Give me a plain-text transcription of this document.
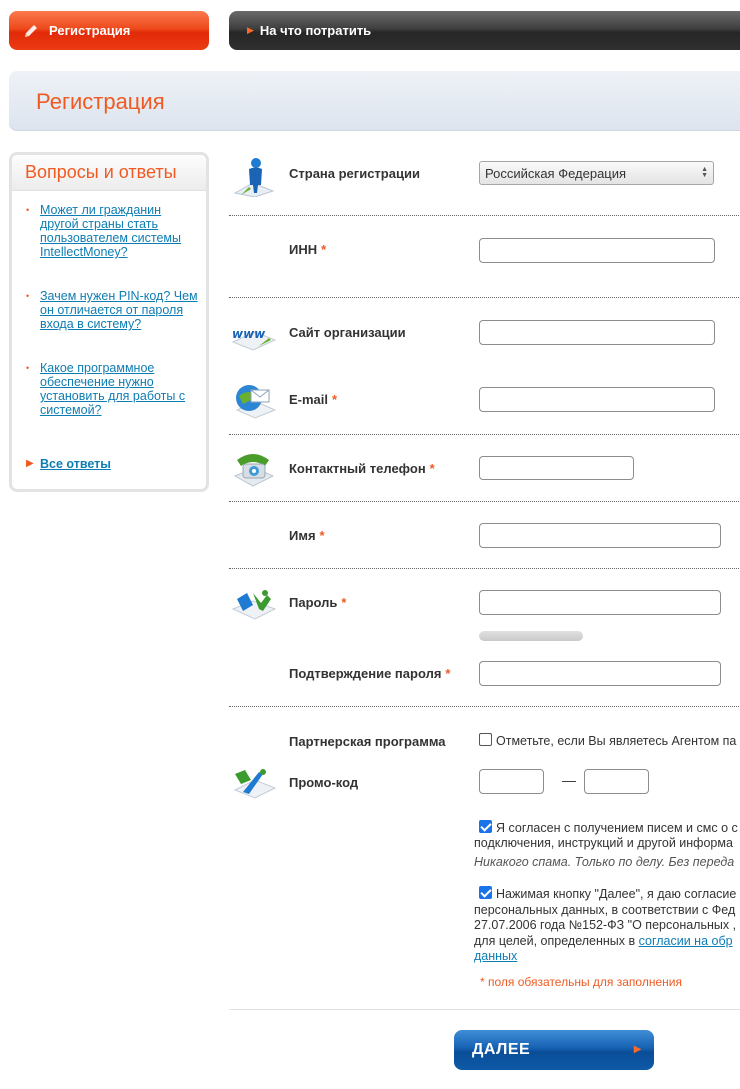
Регистрация	▶ На что потратить
Регистрация
Вопросы и ответы
• Может ли гражданин другой страны стать пользователем системы IntellectMoney?
• Зачем нужен PIN-код? Чем он отличается от пароля входа в систему?
• Какое программное обеспечение нужно установить для работы с системой?
▶ Все ответы
Страна регистрации	Российская Федерация	▲
▼
ИНН *
www Сайт организации
E-mail *
Контактный телефон *
Имя *
Пароль *
Подтверждение пароля *
Партнерская программа	Отметьте, если Вы являетесь Агентом па
Промо-код	—
Я согласен с получением писем и смс о с
подключения, инструкций и другой информа
Никакого спама. Только по делу. Без переда
Нажимая кнопку "Далее", я даю согласие
персональных данных, в соответствии с Фед
27.07.2006 года №152-ФЗ "О персональных ,
для целей, определенных в согласии на обр
данных
* поля обязательны для заполнения
ДАЛЕЕ	▶
